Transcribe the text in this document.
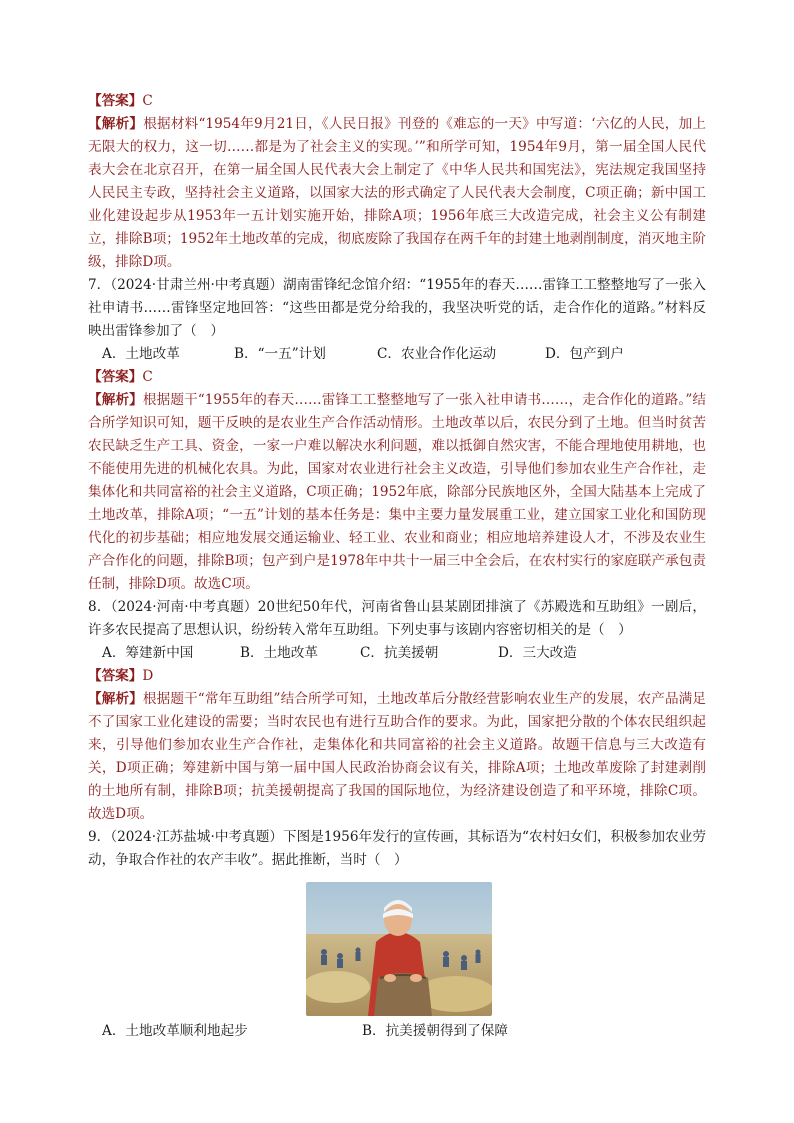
【答案】C

【解析】根据材料“1954年9月21日，《人民日报》刊登的《难忘的一天》中写道：‘六亿的人民，加上无限大的权力，这一切……都是为了社会主义的实现。’”和所学可知，1954年9月，第一届全国人民代表大会在北京召开，在第一届全国人民代表大会上制定了《中华人民共和国宪法》，宪法规定我国坚持人民民主专政，坚持社会主义道路，以国家大法的形式确定了人民代表大会制度，C项正确；新中国工业化建设起步从1953年一五计划实施开始，排除A项；1956年底三大改造完成，社会主义公有制建立，排除B项；1952年土地改革的完成，彻底废除了我国存在两千年的封建土地剥削制度，消灭地主阶级，排除D项。

7．（2024·甘肃兰州·中考真题）湖南雷锋纪念馆介绍：“1955年的春天……雷锋工工整整地写了一张入社申请书……雷锋坚定地回答：“这些田都是党分给我的，我坚决听党的话，走合作化的道路。”材料反映出雷锋参加了（　）

A．土地改革	B．“一五”计划	C．农业合作化运动	D．包产到户

【答案】C

【解析】根据题干“1955年的春天……雷锋工工整整地写了一张入社申请书……，走合作化的道路。”结合所学知识可知，题干反映的是农业生产合作活动情形。土地改革以后，农民分到了土地。但当时贫苦农民缺乏生产工具、资金，一家一户难以解决水利问题，难以抵御自然灾害，不能合理地使用耕地，也不能使用先进的机械化农具。为此，国家对农业进行社会主义改造，引导他们参加农业生产合作社，走集体化和共同富裕的社会主义道路，C项正确；1952年底，除部分民族地区外，全国大陆基本上完成了土地改革，排除A项；“一五”计划的基本任务是：集中主要力量发展重工业，建立国家工业化和国防现代化的初步基础；相应地发展交通运输业、轻工业、农业和商业；相应地培养建设人才，不涉及农业生产合作化的问题，排除B项；包产到户是1978年中共十一届三中全会后，在农村实行的家庭联产承包责任制，排除D项。故选C项。

8．（2024·河南·中考真题）20世纪50年代，河南省鲁山县某剧团排演了《苏殿选和互助组》一剧后，许多农民提高了思想认识，纷纷转入常年互助组。下列史事与该剧内容密切相关的是（　）

A．筹建新中国	B．土地改革	C．抗美援朝	D．三大改造

【答案】D

【解析】根据题干“常年互助组”结合所学可知，土地改革后分散经营影响农业生产的发展，农产品满足不了国家工业化建设的需要；当时农民也有进行互助合作的要求。为此，国家把分散的个体农民组织起来，引导他们参加农业生产合作社，走集体化和共同富裕的社会主义道路。故题干信息与三大改造有关，D项正确；筹建新中国与第一届中国人民政治协商会议有关，排除A项；土地改革废除了封建剥削的土地所有制，排除B项；抗美援朝提高了我国的国际地位，为经济建设创造了和平环境，排除C项。故选D项。

9．（2024·江苏盐城·中考真题）下图是1956年发行的宣传画，其标语为“农村妇女们，积极参加农业劳动，争取合作社的农产丰收”。据此推断，当时（　）

A．土地改革顺利地起步	B．抗美援朝得到了保障
